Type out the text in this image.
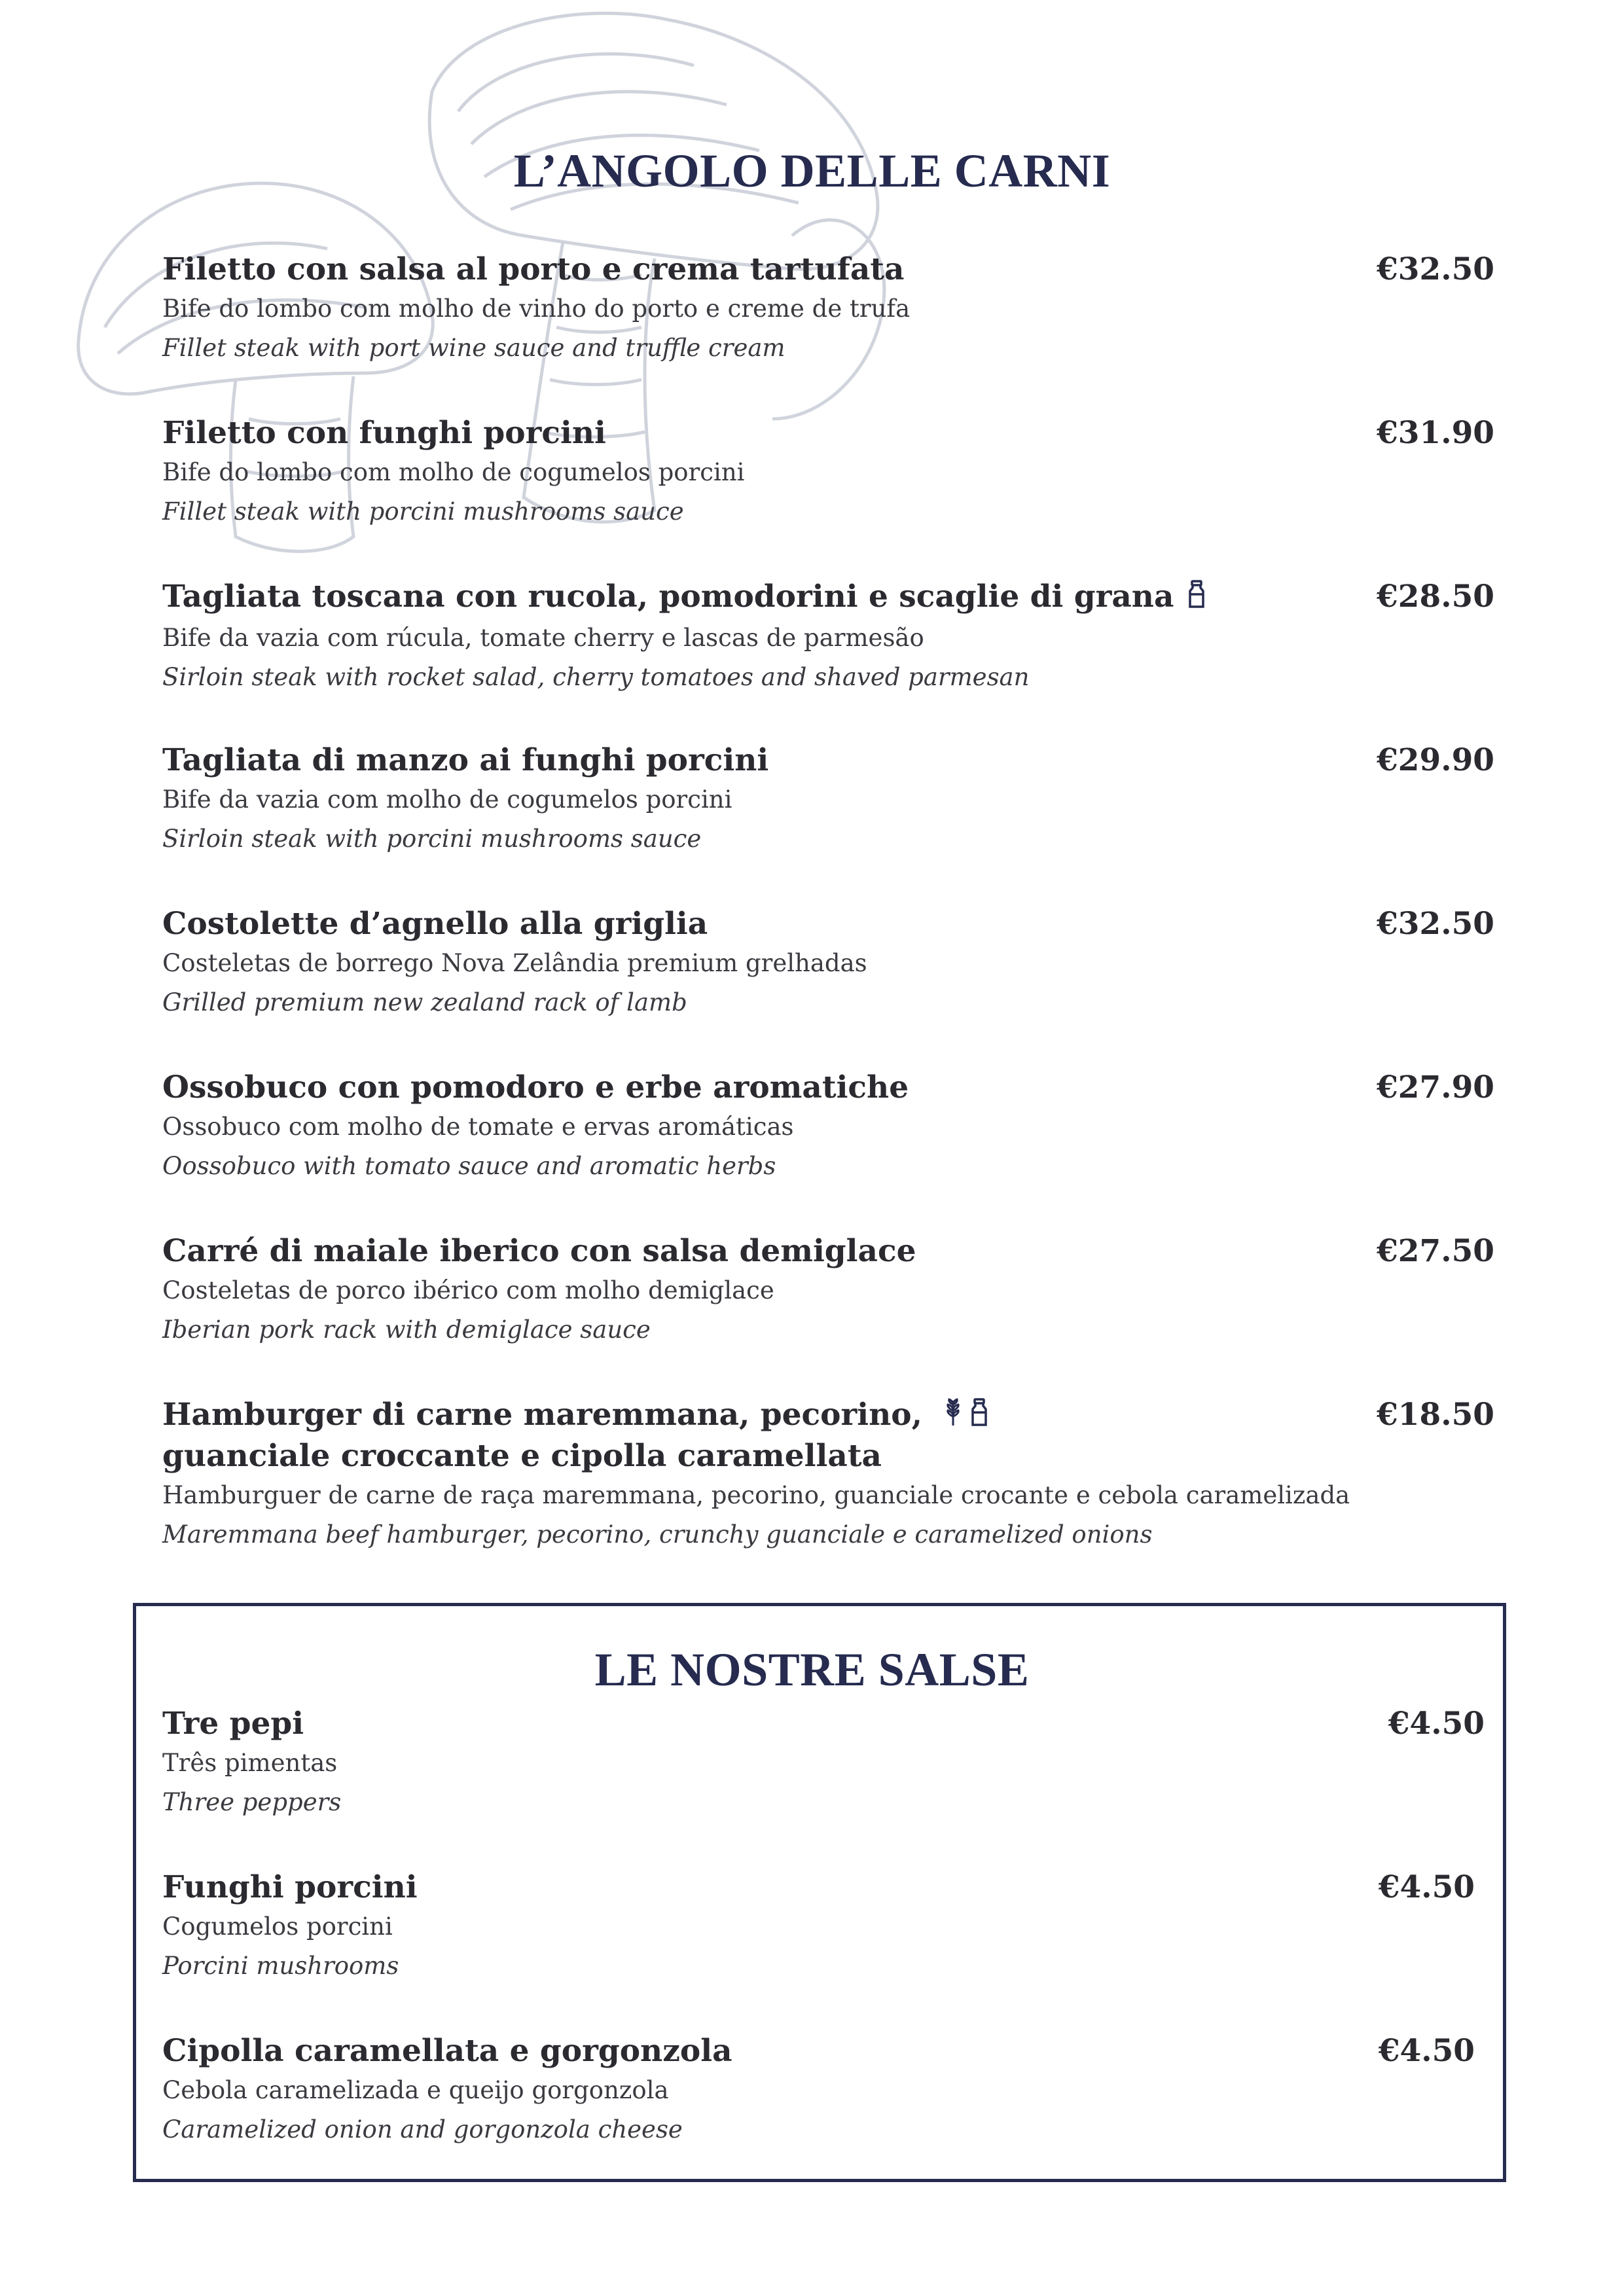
L’ANGOLO DELLE CARNI
Filetto con salsa al porto e crema tartufata
Bife do lombo com molho de vinho do porto e creme de trufa
Fillet steak with port wine sauce and truffle cream
€32.50
Filetto con funghi porcini
Bife do lombo com molho de cogumelos porcini
Fillet steak with porcini mushrooms sauce
€31.90
Tagliata toscana con rucola, pomodorini e scaglie di grana
Bife da vazia com rúcula, tomate cherry e lascas de parmesão
Sirloin steak with rocket salad, cherry tomatoes and shaved parmesan
€28.50
Tagliata di manzo ai funghi porcini
Bife da vazia com molho de cogumelos porcini
Sirloin steak with porcini mushrooms sauce
€29.90
Costolette d’agnello alla griglia
Costeletas de borrego Nova Zelândia premium grelhadas
Grilled premium new zealand rack of lamb
€32.50
Ossobuco con pomodoro e erbe aromatiche
Ossobuco com molho de tomate e ervas aromáticas
Oossobuco with tomato sauce and aromatic herbs
€27.90
Carré di maiale iberico con salsa demiglace
Costeletas de porco ibérico com molho demiglace
Iberian pork rack with demiglace sauce
€27.50
Hamburger di carne maremmana, pecorino,
guanciale croccante e cipolla caramellata
Hamburguer de carne de raça maremmana, pecorino, guanciale crocante e cebola caramelizada
Maremmana beef hamburger, pecorino, crunchy guanciale e caramelized onions
€18.50
LE NOSTRE SALSE
Tre pepi
Três pimentas
Three peppers
€4.50
Funghi porcini
Cogumelos porcini
Porcini mushrooms
€4.50
Cipolla caramellata e gorgonzola
Cebola caramelizada e queijo gorgonzola
Caramelized onion and gorgonzola cheese
€4.50
